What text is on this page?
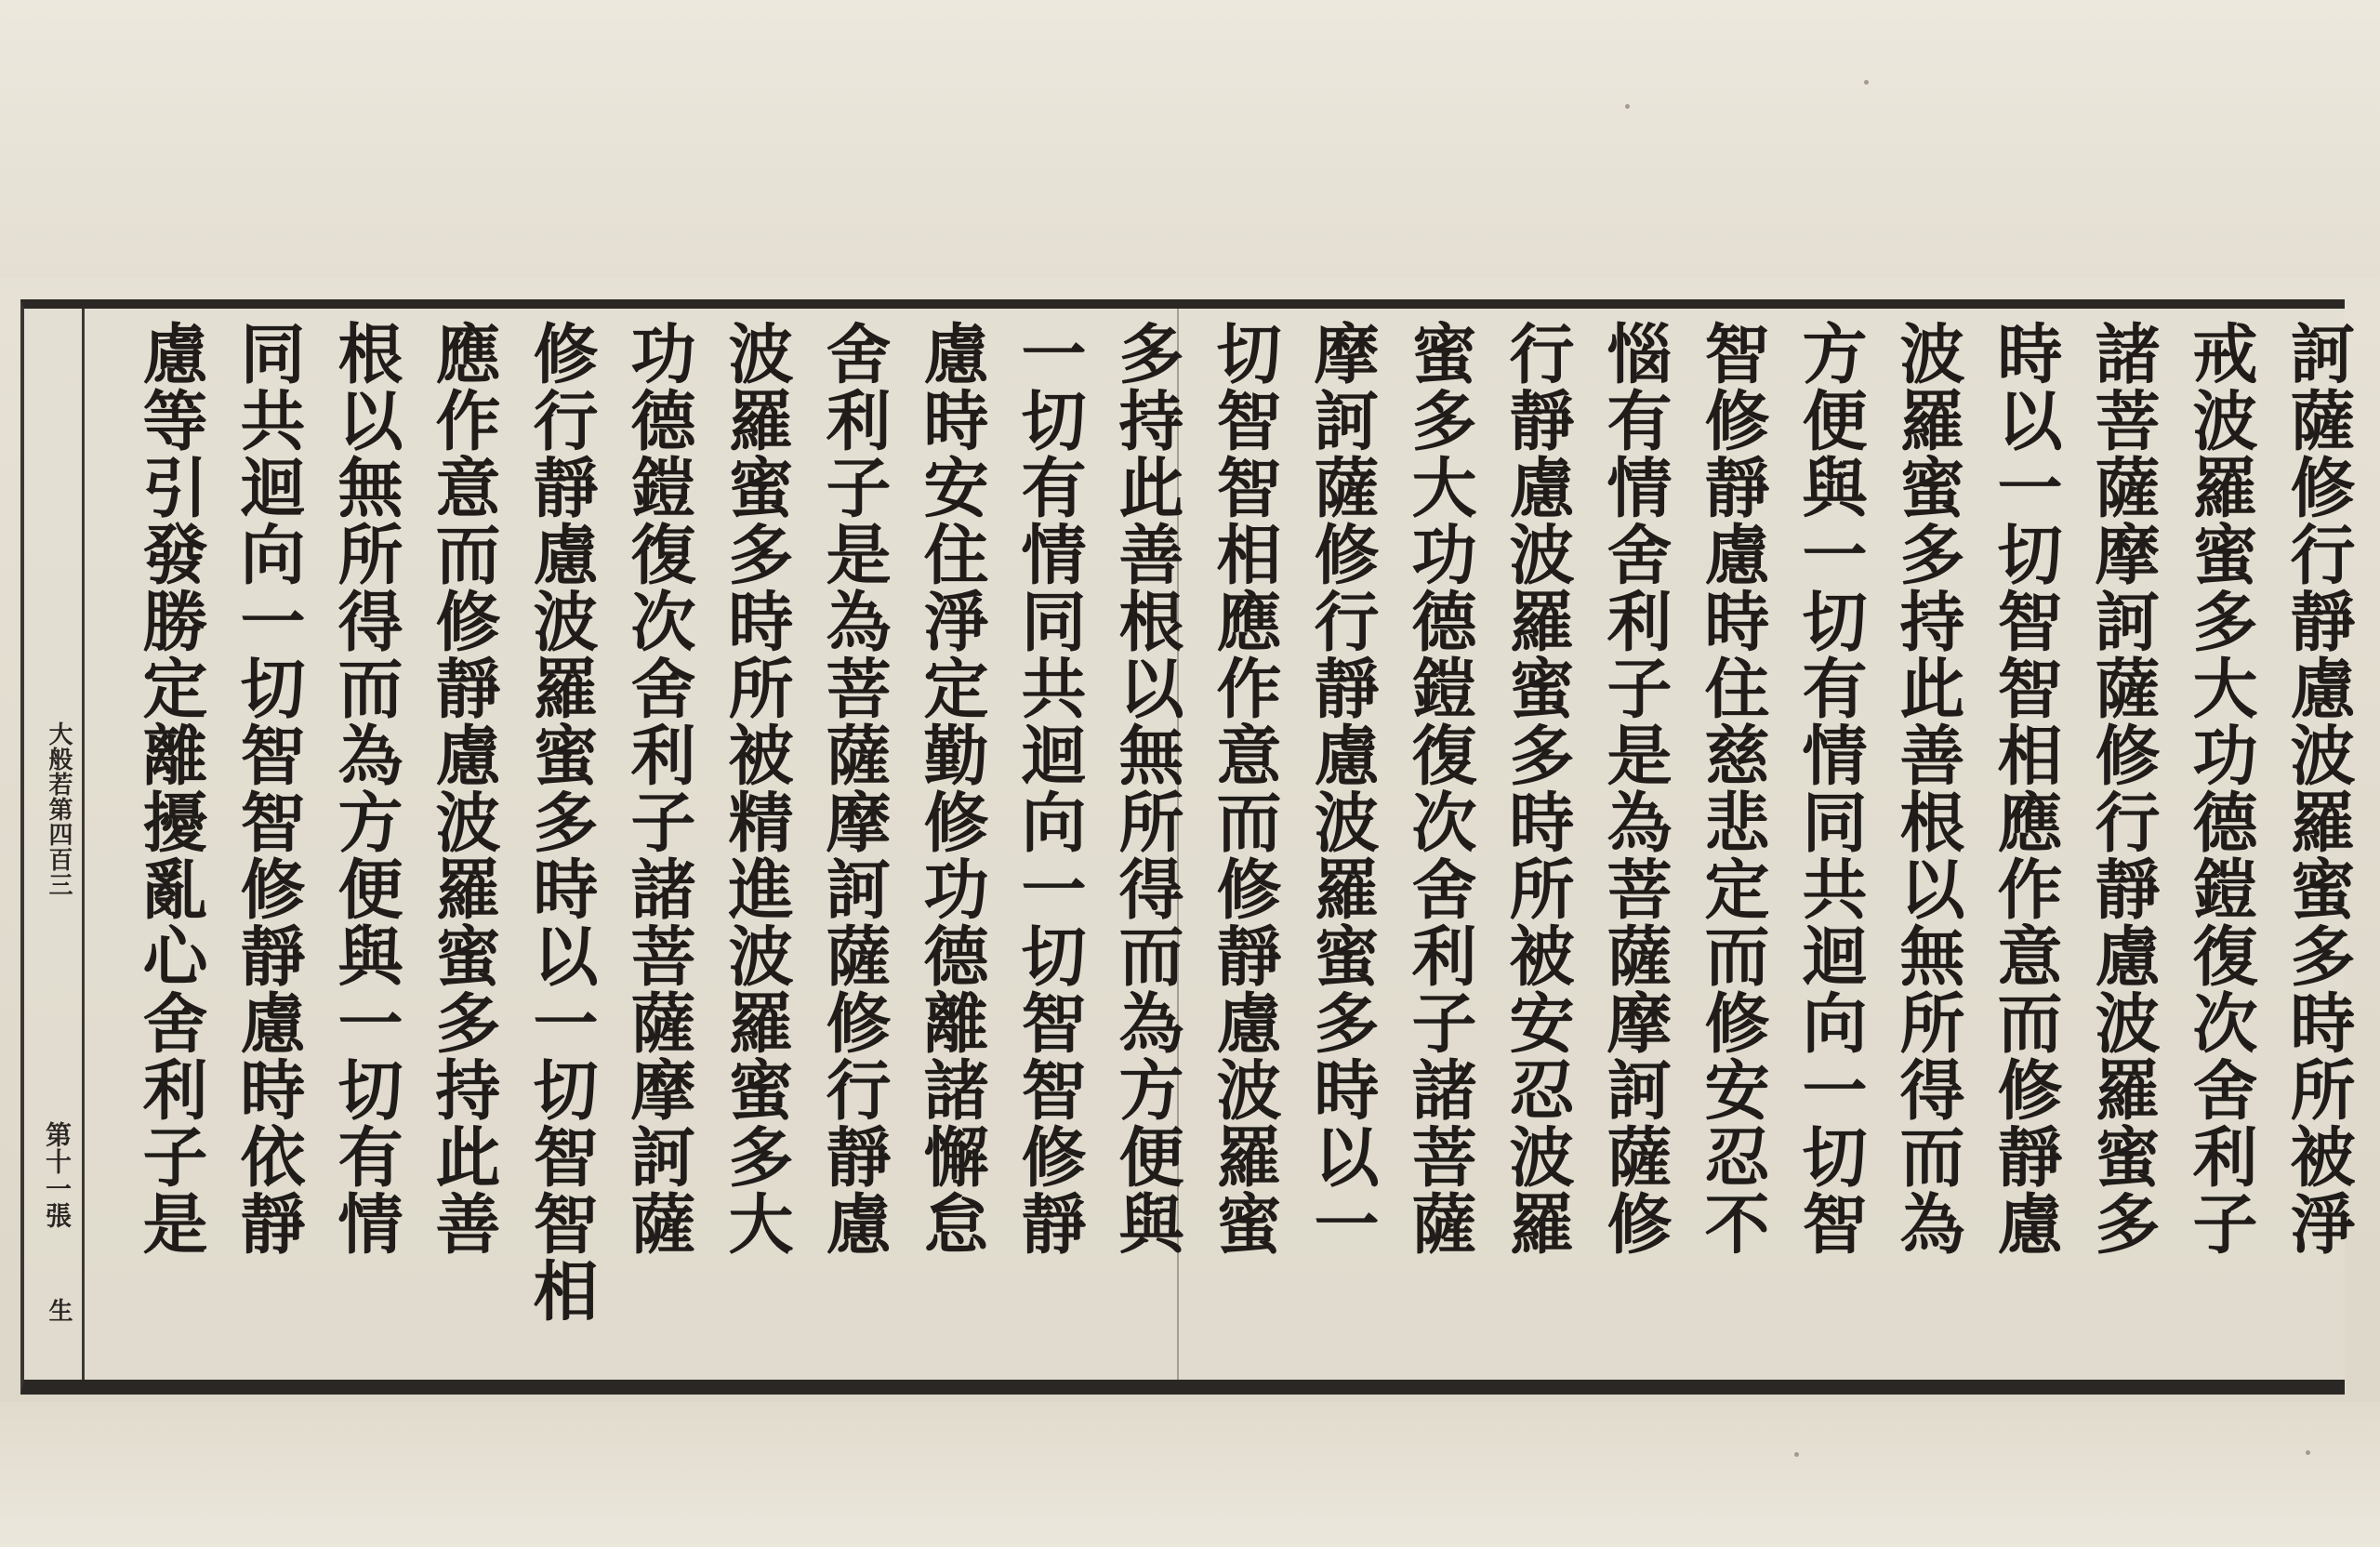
訶薩修行靜慮波羅蜜多時所被淨
戒波羅蜜多大功德鎧復次舍利子
諸菩薩摩訶薩修行靜慮波羅蜜多
時以一切智智相應作意而修靜慮
波羅蜜多持此善根以無所得而為
方便與一切有情同共迴向一切智
智修靜慮時住慈悲定而修安忍不
惱有情舍利子是為菩薩摩訶薩修
行靜慮波羅蜜多時所被安忍波羅
蜜多大功德鎧復次舍利子諸菩薩
摩訶薩修行靜慮波羅蜜多時以一
切智智相應作意而修靜慮波羅蜜
多持此善根以無所得而為方便與
一切有情同共迴向一切智智修靜
慮時安住淨定勤修功德離諸懈怠
舍利子是為菩薩摩訶薩修行靜慮
波羅蜜多時所被精進波羅蜜多大
功德鎧復次舍利子諸菩薩摩訶薩
修行靜慮波羅蜜多時以一切智智相
應作意而修靜慮波羅蜜多持此善
根以無所得而為方便與一切有情
同共迴向一切智智修靜慮時依靜
慮等引發勝定離擾亂心舍利子是
大般若第四百三
第十一張
生
